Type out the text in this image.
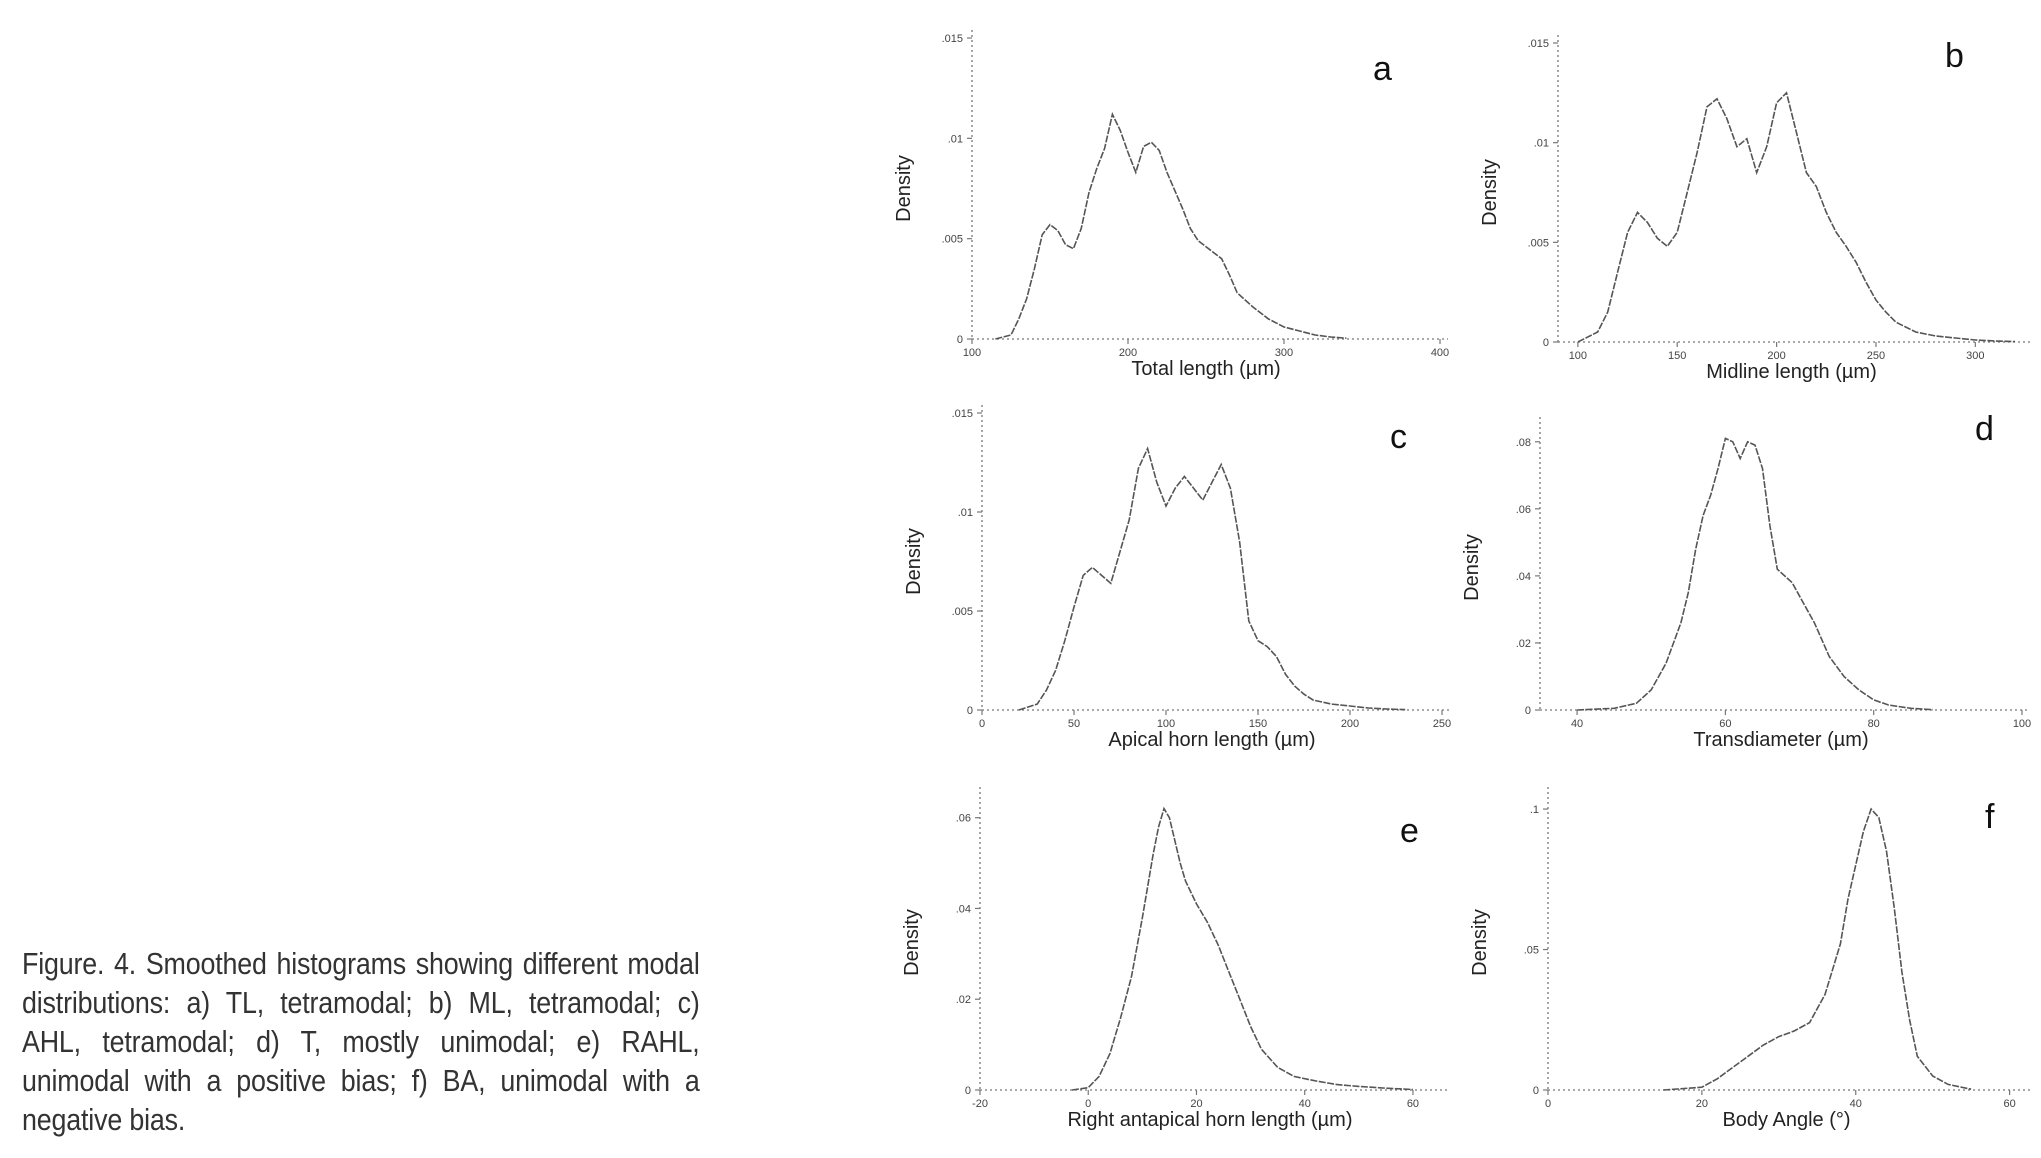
Figure. 4. Smoothed histograms showing different modal distributions: a) TL, tetramodal; b) ML, tetramodal; c) AHL, tetramodal; d) T, mostly unimodal; e) RAHL, unimodal with a positive bias; f) BA, unimodal with a negative bias.
0
.005
.01
.015
100	200	300	400
Total length (µm)
Density
a
0
.005
.01
.015
100	150	200	250	300
Midline length (µm)
Density
b
0
.005
.01
.015
0	50	100	150	200	250
Apical horn length (µm)
Density
c
0
.02
.04
.06
.08
40	60	80	100
Transdiameter (µm)
Density
d
0
.02
.04
.06
-20	0	20	40	60
Right antapical horn length (µm)
Density
e
0
.05
.1
0	20	40	60
Body Angle (°)
Density
f
